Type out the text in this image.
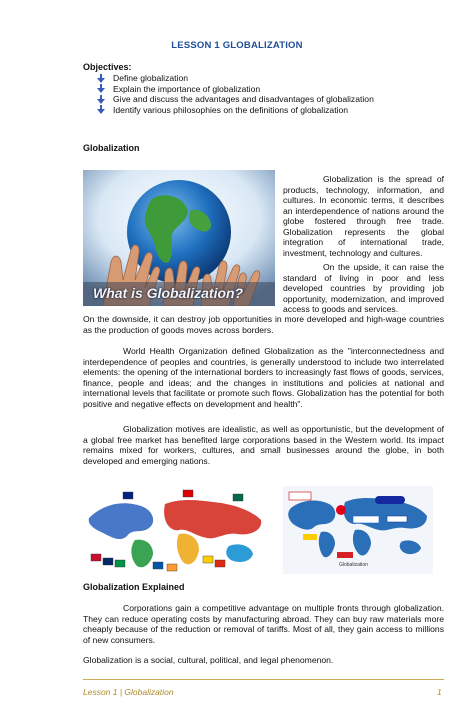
LESSON 1 GLOBALIZATION
Objectives:
Define globalization
Explain the importance of globalization
Give and discuss the advantages and disadvantages of globalization
Identify various philosophies on the definitions of globalization
Globalization
What is Globalization?
Globalization is the spread of products, technology, information, and cultures. In economic terms, it describes an interdependence of nations around the globe fostered through free trade. Globalization represents the global integration of international trade, investment, technology and cultures.
On the upside, it can raise the standard of living in poor and less developed countries by providing job opportunity, modernization, and improved access to goods and services.
On the downside, it can destroy job opportunities in more developed and high-wage countries as the production of goods moves across borders.
World Health Organization defined Globalization as the "interconnectedness and interdependence of peoples and countries, is generally understood to include two interrelated elements: the opening of the international borders to increasingly fast flows of goods, services, finance, people and ideas; and the changes in institutions and policies at national and international levels that facilitate or promote such flows. Globalization has the potential for both positive and negative effects on development and health".
Globalization motives are idealistic, as well as opportunistic, but the development of a global free market has benefited large corporations based in the Western world. Its impact remains mixed for workers, cultures, and small businesses around the globe, in both developed and emerging nations.
Globalization
Globalization Explained
Corporations gain a competitive advantage on multiple fronts through globalization. They can reduce operating costs by manufacturing abroad. They can buy raw materials more cheaply because of the reduction or removal of tariffs. Most of all, they gain access to millions of new consumers.
Globalization is a social, cultural, political, and legal phenomenon.
Lesson 1 | Globalization	1
